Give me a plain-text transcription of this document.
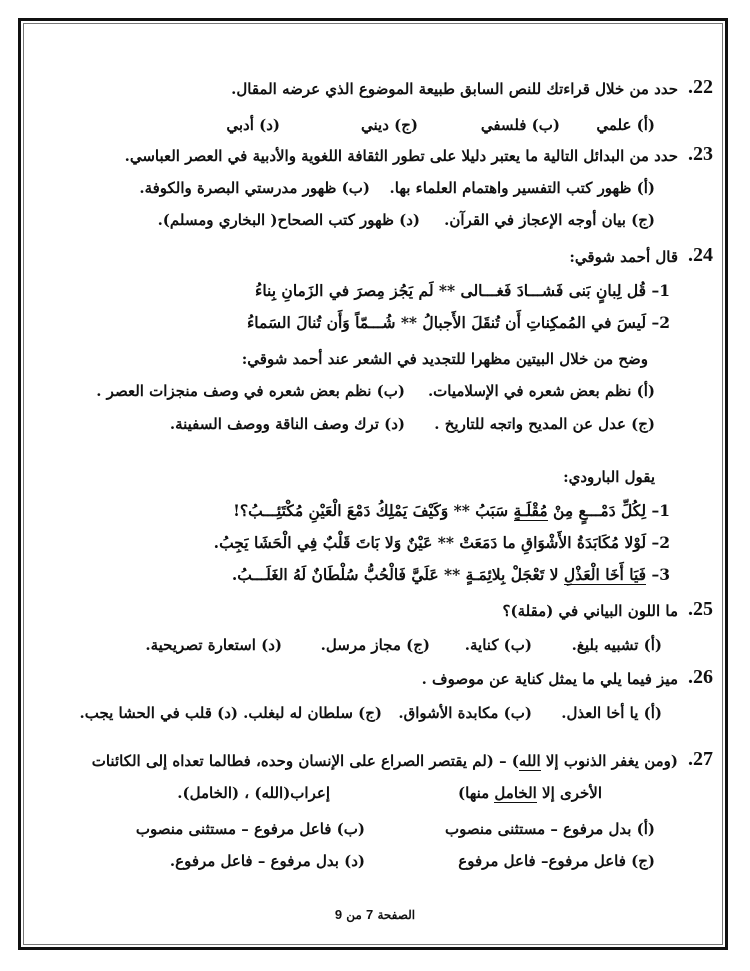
.22
حدد من خلال قراءتك للنص السابق طبيعة الموضوع الذي عرضه المقال.
(أ) علمي
(ب) فلسفي
(ج) ديني
(د) أدبي
.23
حدد من البدائل التالية ما يعتبر دليلا على تطور الثقافة اللغوية والأدبية في العصر العباسي.
(أ) ظهور كتب التفسير واهتمام العلماء بها.
(ب) ظهور مدرستي البصرة والكوفة.
(ج) بيان أوجه الإعجاز في القرآن.
(د) ظهور كتب الصحاح( البخاري ومسلم).
.24
قال أحمد شوقي:
1– قُل لِبانٍ بَنى فَشـــادَ فَغـــالى ** لَم يَجُز مِصرَ في الزَمانِ بِناءُ
2– لَيسَ في المُمكِناتِ أَن تُنقَلَ الأَجبالُ ** شُـــمّاً وَأَن تُنالَ السَماءُ
وضح من خلال البيتين مظهرا للتجديد في الشعر عند أحمد شوقي:
(أ) نظم بعض شعره في الإسلاميات.
(ب) نظم بعض شعره في وصف منجزات العصر .
(ج) عدل عن المديح واتجه للتاريخ .
(د) ترك وصف الناقة ووصف السفينة.
يقول البارودي:
1– لِكُلِّ دَمْـــعٍ مِنْ مُقْلَـةٍ سَبَبُ ** وَكَيْفَ يَمْلِكُ دَمْعَ الْعَيْنِ مُكْتَئِـــبُ؟!
2– لَوْلا مُكَابَدَةُ الأَشْوَاقِ ما دَمَعَتْ ** عَيْنٌ وَلا بَاتَ قَلْبٌ فِي الْحَشَا يَجِبُ.
3– فَيَا أَخَا الْعَذْلِ لا تَعْجَلْ بِلائِمَـةٍ ** عَلَيَّ فَالْحُبُّ سُلْطَانٌ لَهُ الغَلَـــبُ.
.25
ما اللون البياني في (مقلة)؟
(أ) تشبيه بليغ.
(ب) كناية.
(ج) مجاز مرسل.
(د) استعارة تصريحية.
.26
ميز فيما يلي ما يمثل كناية عن موصوف .
(أ) يا أخا العذل.
(ب) مكابدة الأشواق.
(ج) سلطان له لبغلب.
(د) قلب في الحشا يجب.
.27
(ومن يغفر الذنوب إلا الله) – (لم يقتصر الصراع على الإنسان وحده، فطالما تعداه إلى الكائنات
الأخرى إلا الخامل منها)
إعراب(الله) ، (الخامل).
(أ) بدل مرفوع – مستثنى منصوب
(ب) فاعل مرفوع – مستثنى منصوب
(ج) فاعل مرفوع– فاعل مرفوع
(د) بدل مرفوع – فاعل مرفوع.
الصفحة 7 من 9
